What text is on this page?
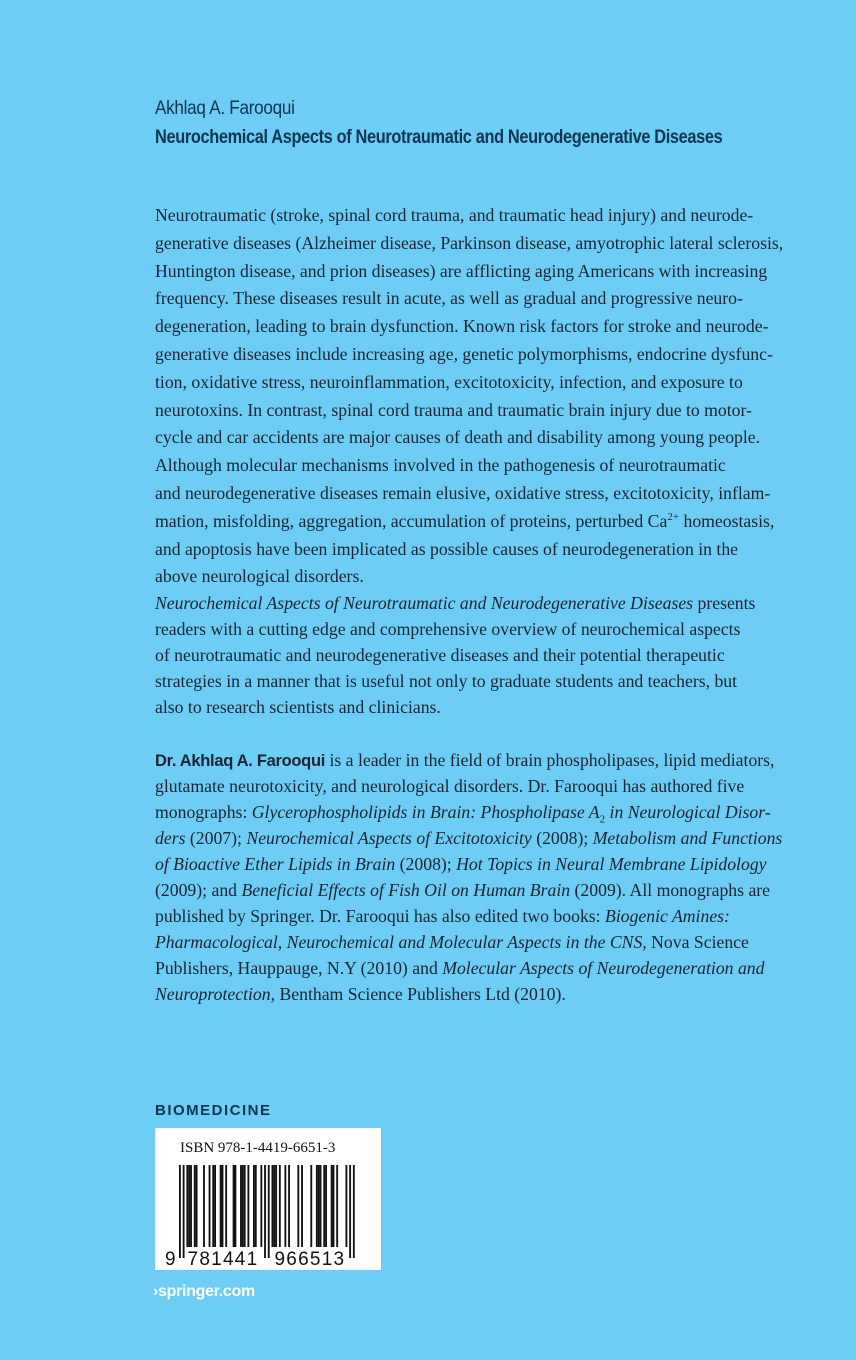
Akhlaq A. Farooqui
Neurochemical Aspects of Neurotraumatic and Neurodegenerative Diseases
Neurotraumatic (stroke, spinal cord trauma, and traumatic head injury) and neurode-
generative diseases (Alzheimer disease, Parkinson disease, amyotrophic lateral sclerosis,
Huntington disease, and prion diseases) are afflicting aging Americans with increasing
frequency. These diseases result in acute, as well as gradual and progressive neuro-
degeneration, leading to brain dysfunction. Known risk factors for stroke and neurode-
generative diseases include increasing age, genetic polymorphisms, endocrine dysfunc-
tion, oxidative stress, neuroinflammation, excitotoxicity, infection, and exposure to
neurotoxins. In contrast, spinal cord trauma and traumatic brain injury due to motor-
cycle and car accidents are major causes of death and disability among young people.
Although molecular mechanisms involved in the pathogenesis of neurotraumatic
and neurodegenerative diseases remain elusive, oxidative stress, excitotoxicity, inflam-
mation, misfolding, aggregation, accumulation of proteins, perturbed $Ca^{2+}$ homeostasis,
and apoptosis have been implicated as possible causes of neurodegeneration in the
above neurological disorders.
Neurochemical Aspects of Neurotraumatic and Neurodegenerative Diseases presents
readers with a cutting edge and comprehensive overview of neurochemical aspects
of neurotraumatic and neurodegenerative diseases and their potential therapeutic
strategies in a manner that is useful not only to graduate students and teachers, but
also to research scientists and clinicians.
Dr. Akhlaq A. Farooqui is a leader in the field of brain phospholipases, lipid mediators,
glutamate neurotoxicity, and neurological disorders. Dr. Farooqui has authored five
monographs: Glycerophospholipids in Brain: Phospholipase $A_2$ in Neurological Disor-
ders (2007); Neurochemical Aspects of Excitotoxicity (2008); Metabolism and Functions
of Bioactive Ether Lipids in Brain (2008); Hot Topics in Neural Membrane Lipidology
(2009); and Beneficial Effects of Fish Oil on Human Brain (2009). All monographs are
published by Springer. Dr. Farooqui has also edited two books: Biogenic Amines:
Pharmacological, Neurochemical and Molecular Aspects in the CNS, Nova Science
Publishers, Hauppauge, N.Y (2010) and Molecular Aspects of Neurodegeneration and
Neuroprotection, Bentham Science Publishers Ltd (2010).
BIOMEDICINE
ISBN 978-1-4419-6651-3
9 781441 966513
›springer.com
